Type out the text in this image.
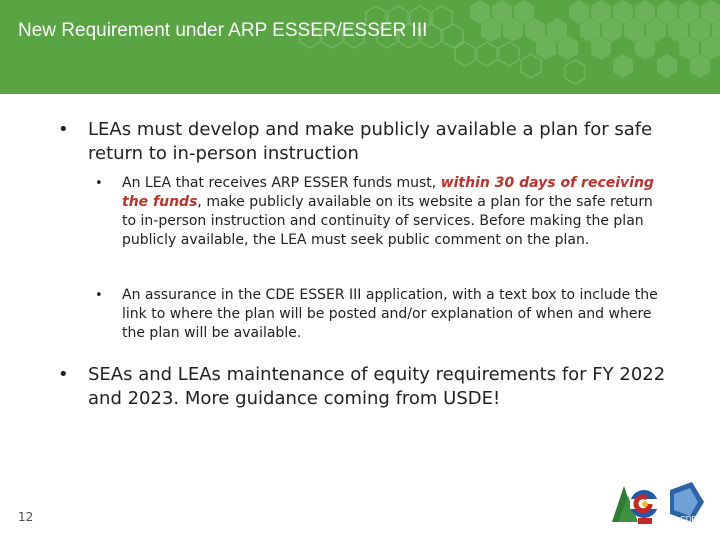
New Requirement under ARP ESSER/ESSER III
• LEAs must develop and make publicly available a plan for safe return to in-person instruction
• An LEA that receives ARP ESSER funds must, within 30 days of receiving the funds, make publicly available on its website a plan for the safe return to in-person instruction and continuity of services. Before making the plan publicly available, the LEA must seek public comment on the plan.
• An assurance in the CDE ESSER III application, with a text box to include the link to where the plan will be posted and/or explanation of when and where the plan will be available.
• SEAs and LEAs maintenance of equity requirements for FY 2022 and 2023. More guidance coming from USDE!
12	CDE
